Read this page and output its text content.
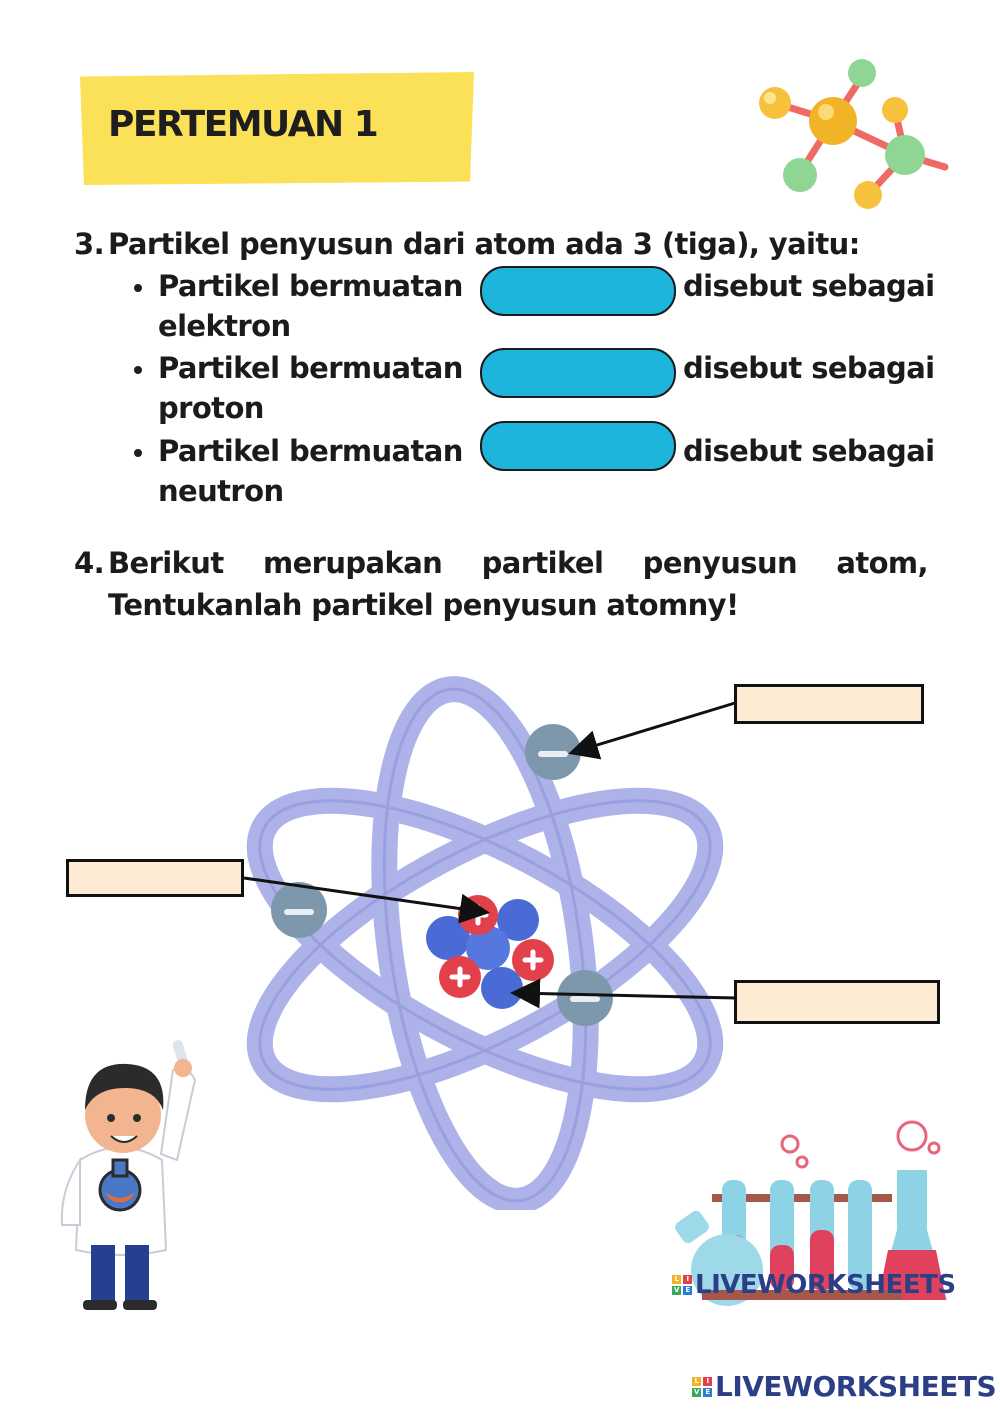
PERTEMUAN 1
3. Partikel penyusun dari atom ada 3 (tiga), yaitu:
Partikel bermuatan	disebut sebagai
elektron
Partikel bermuatan	disebut sebagai
proton
Partikel bermuatan	disebut sebagai
neutron
4. Berikut merupakan partikel penyusun atom,
Tentukanlah partikel penyusun atomny!
L	I
V E LIVEWORKSHEETS
L	I
V E LIVEWORKSHEETS
